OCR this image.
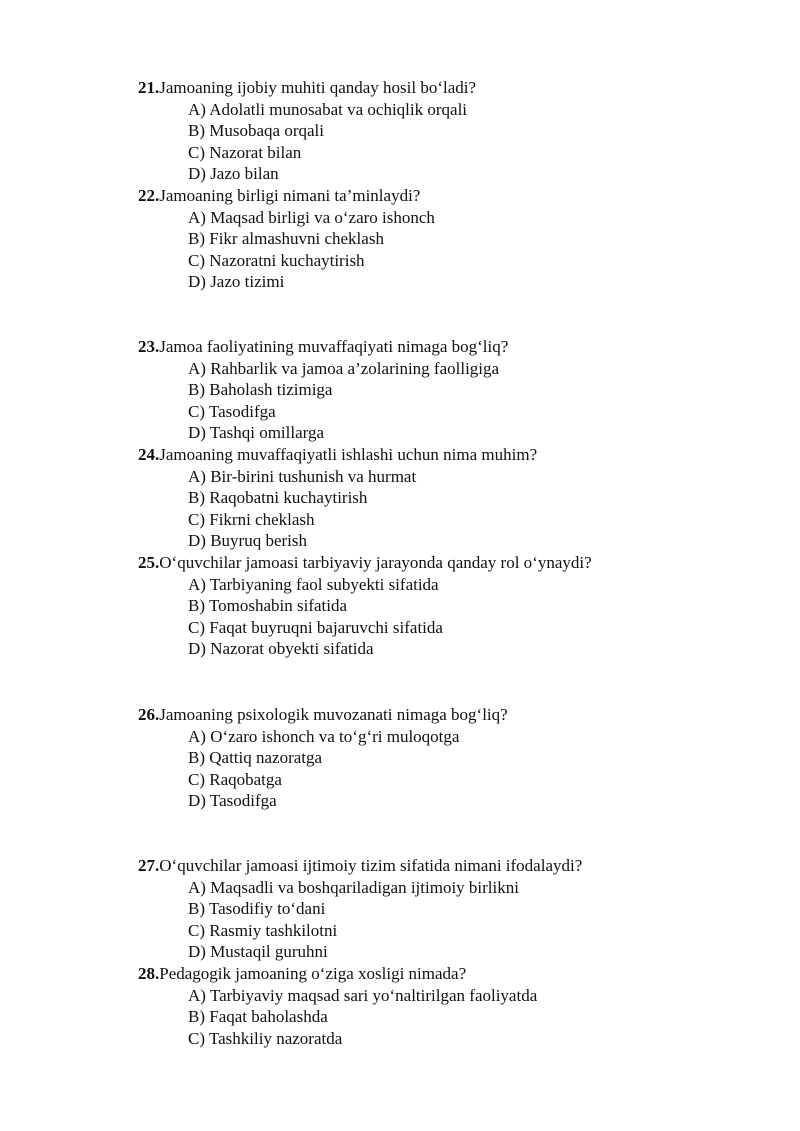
21.Jamoaning ijobiy muhiti qanday hosil bo‘ladi?
A) Adolatli munosabat va ochiqlik orqali
B) Musobaqa orqali
C) Nazorat bilan
D) Jazo bilan
22.Jamoaning birligi nimani ta’minlaydi?
A) Maqsad birligi va o‘zaro ishonch
B) Fikr almashuvni cheklash
C) Nazoratni kuchaytirish
D) Jazo tizimi
23.Jamoa faoliyatining muvaffaqiyati nimaga bog‘liq?
A) Rahbarlik va jamoa a’zolarining faolligiga
B) Baholash tizimiga
C) Tasodifga
D) Tashqi omillarga
24.Jamoaning muvaffaqiyatli ishlashi uchun nima muhim?
A) Bir-birini tushunish va hurmat
B) Raqobatni kuchaytirish
C) Fikrni cheklash
D) Buyruq berish
25.O‘quvchilar jamoasi tarbiyaviy jarayonda qanday rol o‘ynaydi?
A) Tarbiyaning faol subyekti sifatida
B) Tomoshabin sifatida
C) Faqat buyruqni bajaruvchi sifatida
D) Nazorat obyekti sifatida
26.Jamoaning psixologik muvozanati nimaga bog‘liq?
A) O‘zaro ishonch va to‘g‘ri muloqotga
B) Qattiq nazoratga
C) Raqobatga
D) Tasodifga
27.O‘quvchilar jamoasi ijtimoiy tizim sifatida nimani ifodalaydi?
A) Maqsadli va boshqariladigan ijtimoiy birlikni
B) Tasodifiy to‘dani
C) Rasmiy tashkilotni
D) Mustaqil guruhni
28.Pedagogik jamoaning o‘ziga xosligi nimada?
A) Tarbiyaviy maqsad sari yo‘naltirilgan faoliyatda
B) Faqat baholashda
C) Tashkiliy nazoratda
